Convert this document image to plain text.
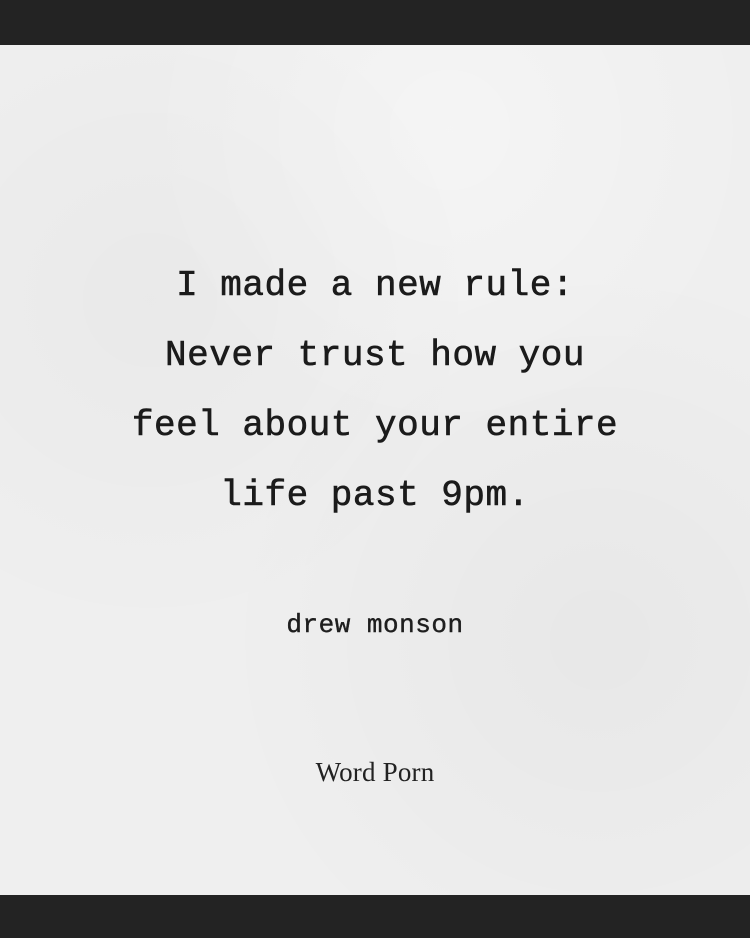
I made a new rule:
Never trust how you
feel about your entire
life past 9pm.
drew monson
Word Porn
